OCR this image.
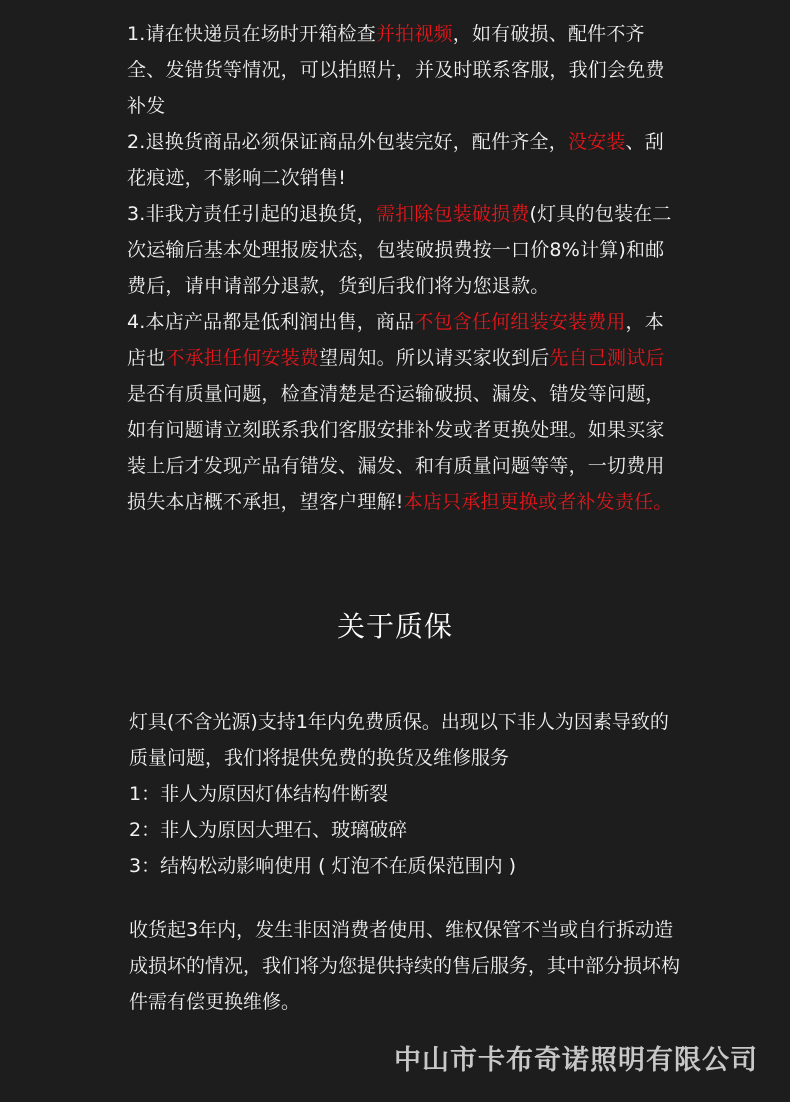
1.请在快递员在场时开箱检查并拍视频，如有破损、配件不齐全、发错货等情况，可以拍照片，并及时联系客服，我们会免费补发

2.退换货商品必须保证商品外包装完好，配件齐全，没安装、刮花痕迹，不影响二次销售!

3.非我方责任引起的退换货，需扣除包装破损费(灯具的包装在二次运输后基本处理报废状态，包装破损费按一口价8%计算)和邮费后，请申请部分退款，货到后我们将为您退款。

4.本店产品都是低利润出售，商品不包含任何组装安装费用，本店也不承担任何安装费望周知。所以请买家收到后先自己测试后是否有质量问题，检查清楚是否运输破损、漏发、错发等问题，如有问题请立刻联系我们客服安排补发或者更换处理。如果买家装上后才发现产品有错发、漏发、和有质量问题等等，一切费用损失本店概不承担，望客户理解!本店只承担更换或者补发责任。

关于质保

灯具(不含光源)支持1年内免费质保。出现以下非人为因素导致的质量问题，我们将提供免费的换货及维修服务

1：非人为原因灯体结构件断裂

2：非人为原因大理石、玻璃破碎

3：结构松动影响使用 ( 灯泡不在质保范围内 )

收货起3年内，发生非因消费者使用、维权保管不当或自行拆动造成损坏的情况，我们将为您提供持续的售后服务，其中部分损坏构件需有偿更换维修。
中山市卡布奇诺照明有限公司
